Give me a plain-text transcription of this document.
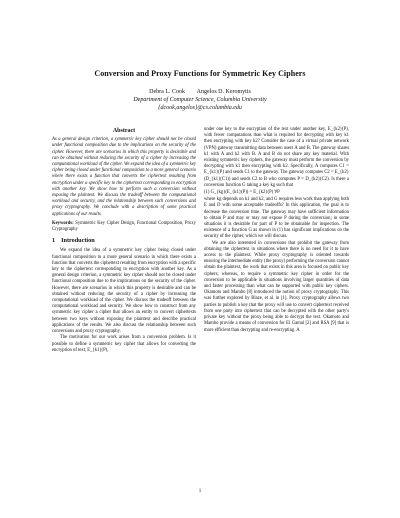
Conversion and Proxy Functions for Symmetric Key Ciphers
Debra L. Cook        Angelos D. Keromytis
Department of Computer Science, Columbia University
{dcook,angelos}@cs.columbia.edu
Abstract

As a general design criterion, a symmetric key cipher should not be closed under functional composition due to the implications on the security of the cipher. However, there are scenarios in which this property is desirable and can be obtained without reducing the security of a cipher by increasing the computational workload of the cipher. We expand the idea of a symmetric key cipher being closed under functional composition to a more general scenario where there exists a function that converts the ciphertext resulting from encryption under a specific key to the ciphertext corresponding to encryption with another key. We show how to perform such a conversion without exposing the plaintext. We discuss the tradeoff between the computational workload and security, and the relationship between such conversions and proxy cryptography. We conclude with a description of some practical applications of our results.

Keywords: Symmetric Key Cipher Design, Functional Composition, Proxy Cryptography

1 Introduction

We expand the idea of a symmetric key cipher being closed under functional composition to a more general scenario in which there exists a function that converts the ciphertext resulting from encryption with a specific key to the ciphertext corresponding to encryption with another key. As a general design criterion, a symmetric key cipher should not be closed under functional composition due to the implications on the security of the cipher. However, there are scenarios in which this property is desirable and can be obtained without reducing the security of a cipher by increasing the computational workload of the cipher. We discuss the tradeoff between the computational workload and security. We show how to construct from any symmetric key cipher a cipher that allows an entity to convert ciphertexts between two keys without exposing the plaintext and describe practical applications of the results. We also discuss the relationship between such conversions and proxy cryptography.

The motivation for our work arises from a conversion problem. Is it possible to define a symmetric key cipher that allows for converting the encryption of text, E_{k1}(P),

under one key to the encryption of the text under another key, E_{k2}(P), with fewer computations than what is required for decrypting with key k1 then encrypting with key k2? Consider the case of a virtual private network (VPN) gateway transmitting data between users A and B. The gateway shares k1 with A and k2 with B. A and B do not share any key material. With existing symmetric key ciphers, the gateway must perform the conversion by decrypting with k1 then encrypting with k2. Specifically, A computes C1 = E_{k1}(P) and sends C1 to the gateway. The gateway computes C2 = E_{k2}(D_{k1}(C1)) and sends C2 to B who computes P = D_{k2}(C2). Is there a conversion function G taking a key kg such that

(1) G_{kg}(E_{k1}(P)) = E_{k2}(P) ∀P

where kg depends on k1 and k2, and G requires less work than applying both E and D with some acceptable tradeoffs? In this application, the goal is to decrease the conversion time. The gateway may have sufficient information to obtain P and may or may not expose P during the conversion; in some situations it is desirable for part of P to be obtainable for inspection. The existence of a function G as shown in (1) has significant implications on the security of the cipher, which we will discuss.

We are also interested in conversions that prohibit the gateway from obtaining the ciphertext in situations where there is no need for it to have access to the plaintext. While proxy cryptography is oriented towards ensuring the intermediate entity (the proxy) performing the conversion cannot obtain the plaintext, the work that exists in this area is focused on public key ciphers; whereas, to require a symmetric key cipher in order for the conversion to be applicable in situations involving larger quantities of data and faster processing than what can be supported with public key ciphers. Okamoto and Mambo [8] introduced the notion of proxy cryptography. This was further explored by Blaze, et al. in [1]. Proxy cryptography allows two parties to publish a key that the proxy will use to convert ciphertext received from one party into ciphertext that can be decrypted with the other party's private key without the proxy being able to decrypt the text. Okamoto and Mambo provide a means of conversion for El Gamal [2] and RSA [9] that is more efficient than decrypting and re-encrypting. A

1
